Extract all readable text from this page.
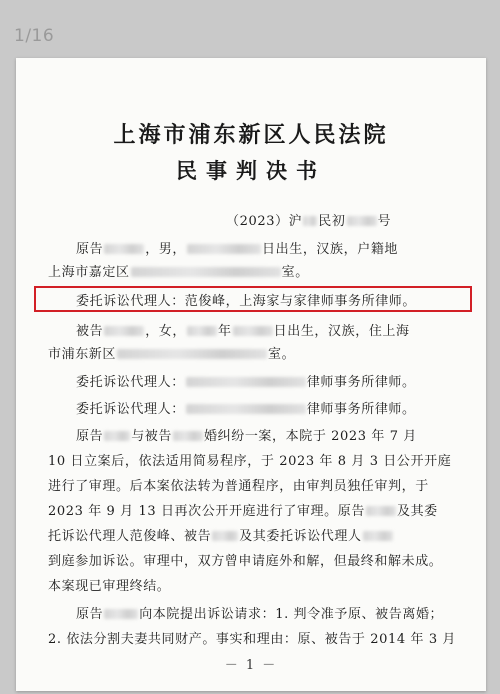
1/16
上海市浦东新区人民法院
民事判决书
（2023）沪 民初 号
原告	，男，	日出生，汉族，户籍地
上海市嘉定区	室。
委托诉讼代理人：范俊峰，上海家与家律师事务所律师。
被告	，女， 年	日出生，汉族，住上海
市浦东新区	室。
委托诉讼代理人：	律师事务所律师。
委托诉讼代理人：	律师事务所律师。
原告 与被告 婚纠纷一案，本院于 2023 年 7 月
10 日立案后，依法适用简易程序，于 2023 年 8 月 3 日公开开庭
进行了审理。后本案依法转为普通程序，由审判员独任审判，于
2023 年 9 月 13 日再次公开开庭进行了审理。原告 及其委
托诉讼代理人范俊峰、被告 及其委托诉讼代理人
到庭参加诉讼。审理中，双方曾申请庭外和解，但最终和解未成。
本案现已审理终结。
原告	向本院提出诉讼请求：1. 判令准予原、被告离婚；
2. 依法分割夫妻共同财产。事实和理由：原、被告于 2014 年 3 月
－ 1 －
